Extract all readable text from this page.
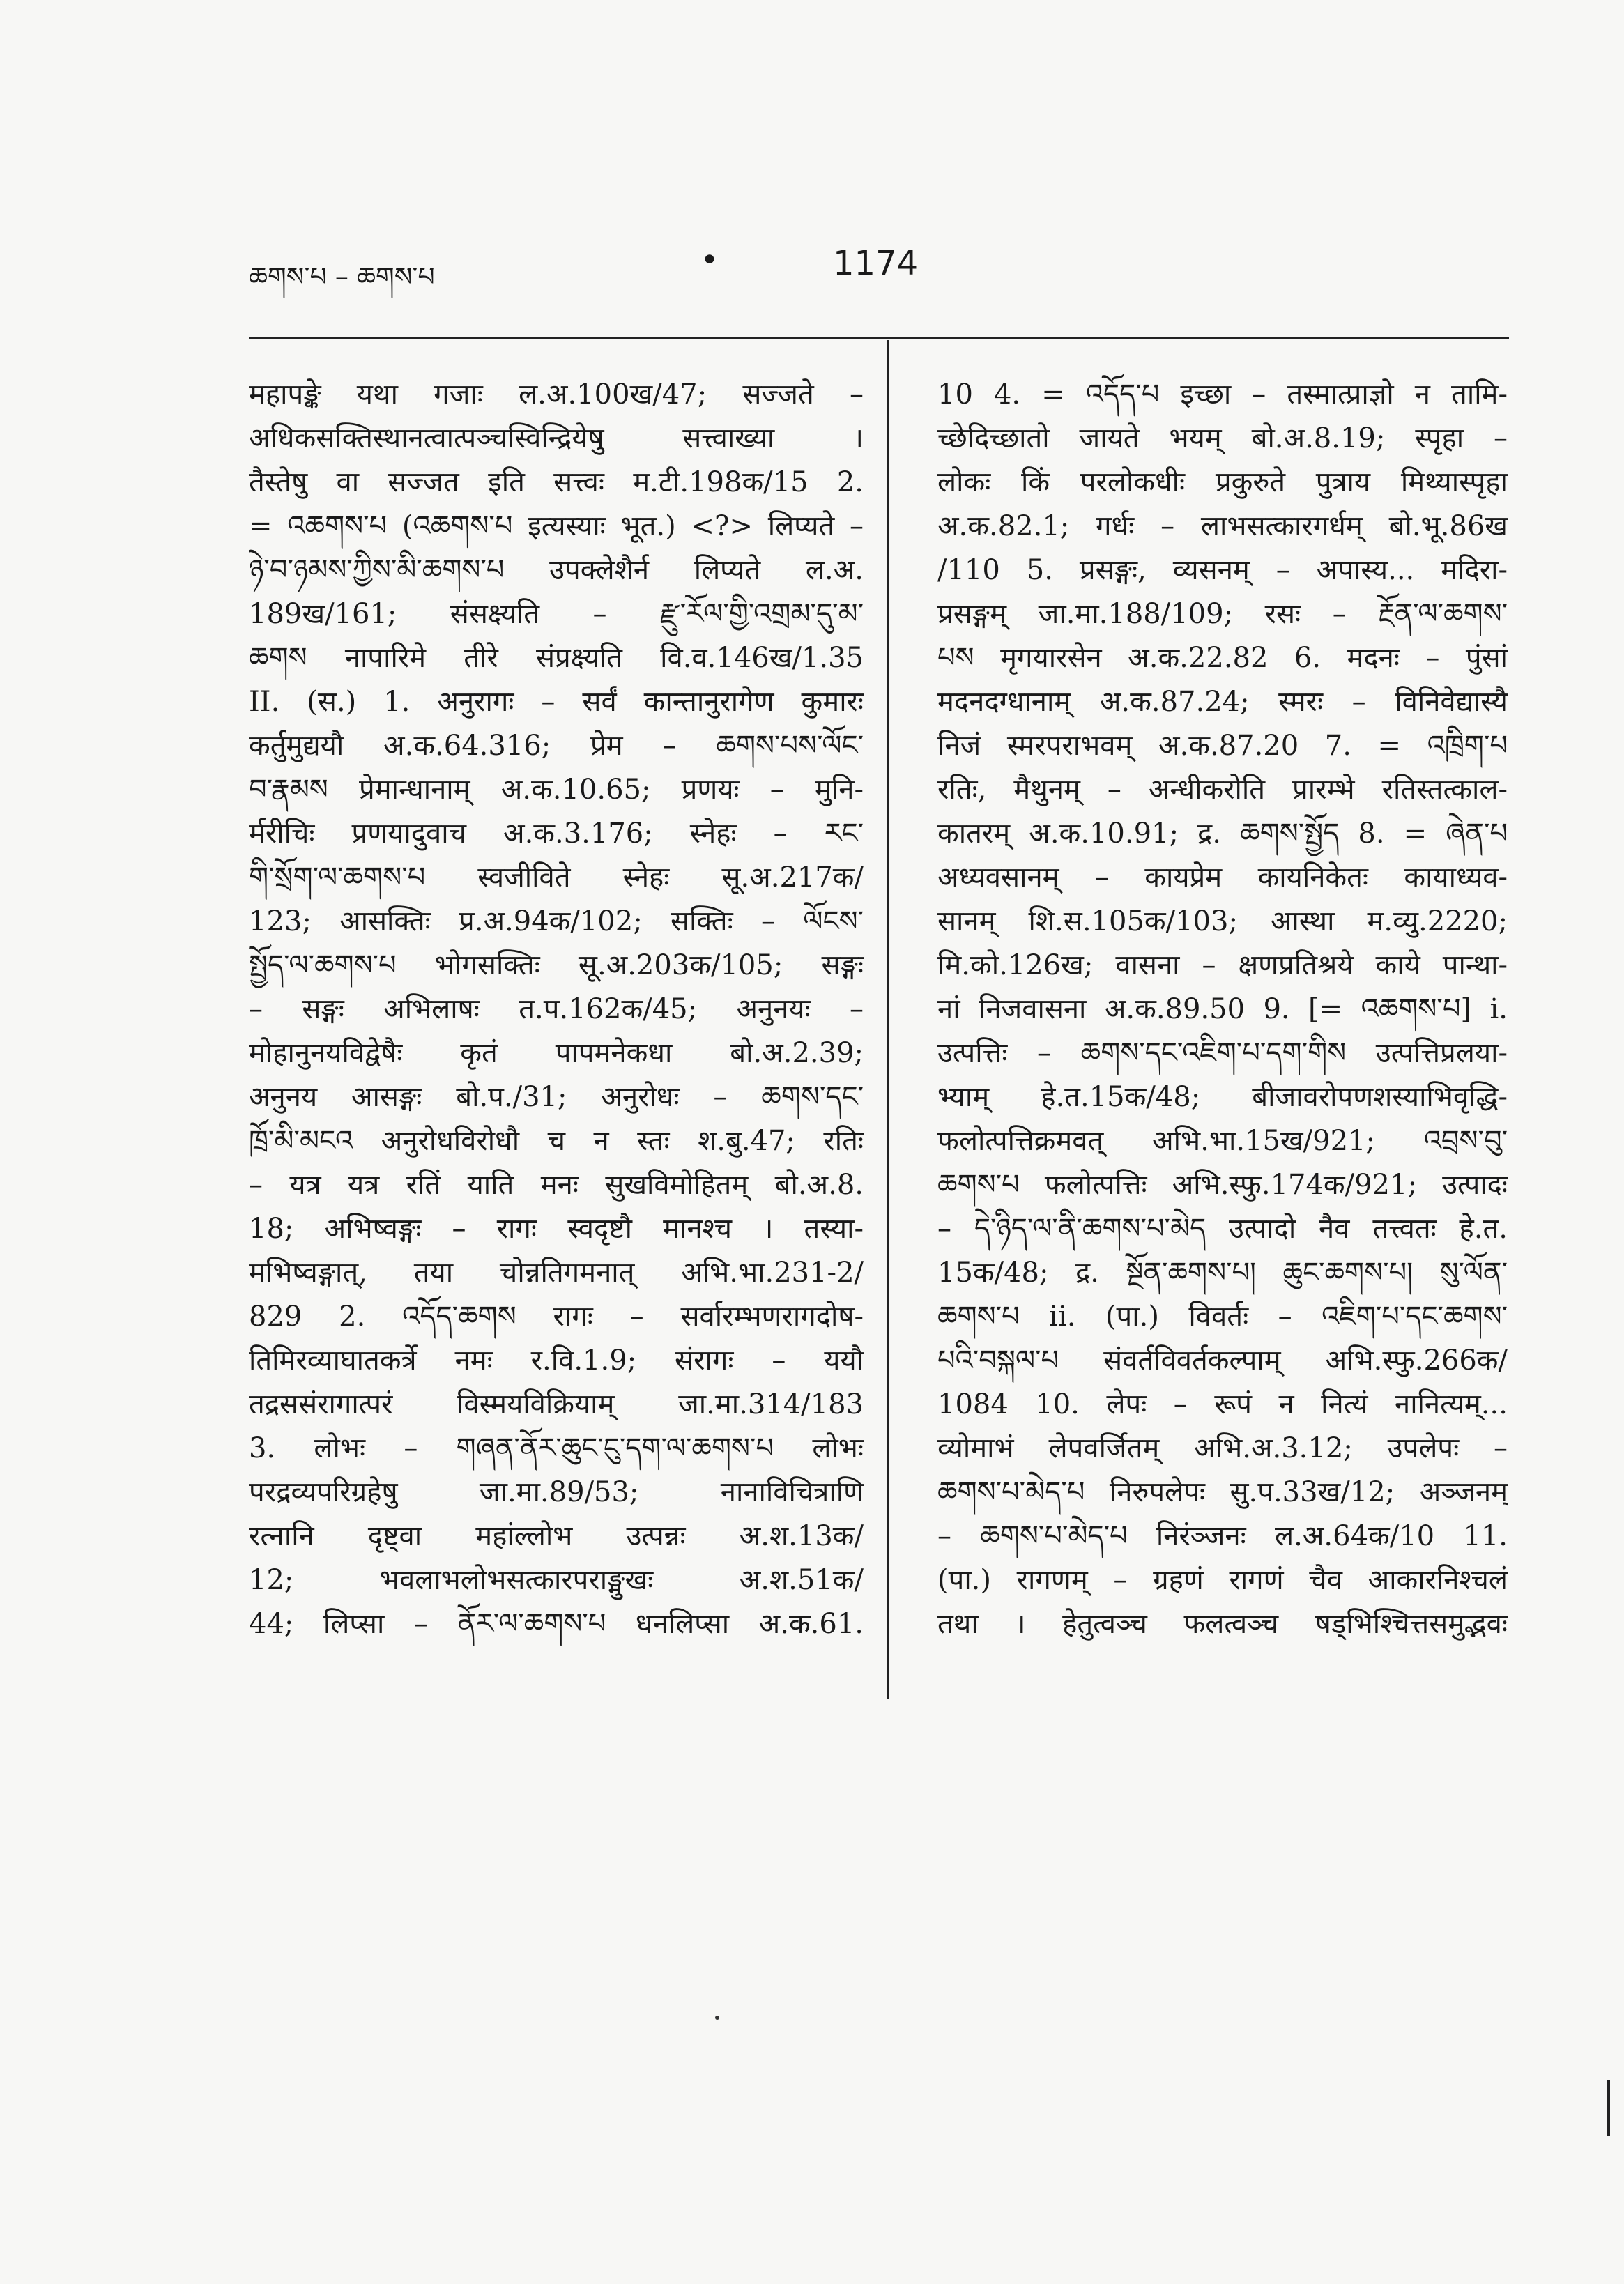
ཆགས་པ – ཆགས་པ	•	1174
महापङ्के यथा गजाः ल.अ.100ख/47; सज्जते –
अधिकसक्तिस्थानत्वात्पञ्चस्विन्द्रियेषु सत्त्वाख्या ।
तैस्तेषु वा सज्जत इति सत्त्वः म.टी.198क/15 2.
= འཆགས་པ (འཆགས་པ इत्यस्याः भूत.) <?> लिप्यते –
ཉེ་བ་ཉམས་ཀྱིས་མི་ཆགས་པ उपक्लेशैर्न लिप्यते ल.अ.
189ख/161; संसक्ष्यति – རྫུ་རོལ་གྱི་འགྲམ་དུ་མ་
ཆགས नापारिमे तीरे संप्रक्ष्यति वि.व.146ख/1.35
II. (स.) 1. अनुरागः – सर्वं कान्तानुरागेण कुमारः
कर्तुमुद्ययौ अ.क.64.316; प्रेम – ཆགས་པས་ལོང་
བ་རྣམས प्रेमान्धानाम् अ.क.10.65; प्रणयः – मुनि-
र्मरीचिः प्रणयादुवाच अ.क.3.176; स्नेहः – རང་
གི་སྲོག་ལ་ཆགས་པ स्वजीविते स्नेहः सू.अ.217क/
123; आसक्तिः प्र.अ.94क/102; सक्तिः – ལོངས་
སྤྱོད་ལ་ཆགས་པ भोगसक्तिः सू.अ.203क/105; सङ्गः
– सङ्गः अभिलाषः त.प.162क/45; अनुनयः –
मोहानुनयविद्वेषैः कृतं पापमनेकधा बो.अ.2.39;
अनुनय आसङ्गः बो.प./31; अनुरोधः – ཆགས་དང་
ཁྲོ་མི་མངའ अनुरोधविरोधौ च न स्तः श.बु.47; रतिः
– यत्र यत्र रतिं याति मनः सुखविमोहितम् बो.अ.8.
18; अभिष्वङ्गः – रागः स्वदृष्टौ मानश्च । तस्या-
मभिष्वङ्गात्, तया चोन्नतिगमनात् अभि.भा.231-2/
829 2. འདོད་ཆགས रागः – सर्वारम्भणरागदोष-
तिमिरव्याघातकर्त्रे नमः र.वि.1.9; संरागः – ययौ
तद्रससंरागात्परं विस्मयविक्रियाम् जा.मा.314/183
3. लोभः – གཞན་ནོར་ཆུང་ངུ་དག་ལ་ཆགས་པ लोभः
परद्रव्यपरिग्रहेषु जा.मा.89/53; नानाविचित्राणि
रत्नानि दृष्ट्वा महांल्लोभ उत्पन्नः अ.श.13क/
12; भवलाभलोभसत्कारपराङ्मुखः अ.श.51क/
44; लिप्सा – ནོར་ལ་ཆགས་པ धनलिप्सा अ.क.61.
10 4. = འདོད་པ इच्छा – तस्मात्प्राज्ञो न तामि-
च्छेदिच्छातो जायते भयम् बो.अ.8.19; स्पृहा –
लोकः किं परलोकधीः प्रकुरुते पुत्राय मिथ्यास्पृहा
अ.क.82.1; गर्धः – लाभसत्कारगर्धम् बो.भू.86ख
/110 5. प्रसङ्गः, व्यसनम् – अपास्य... मदिरा-
प्रसङ्गम् जा.मा.188/109; रसः – རྔོན་ལ་ཆགས་
པས मृगयारसेन अ.क.22.82 6. मदनः – पुंसां
मदनदग्धानाम् अ.क.87.24; स्मरः – विनिवेद्यास्यै
निजं स्मरपराभवम् अ.क.87.20 7. = འཁྲིག་པ
रतिः, मैथुनम् – अन्धीकरोति प्रारम्भे रतिस्तत्काल-
कातरम् अ.क.10.91; द्र. ཆགས་སྤྱོད 8. = ཞེན་པ
अध्यवसानम् – कायप्रेम कायनिकेतः कायाध्यव-
सानम् शि.स.105क/103; आस्था म.व्यु.2220;
मि.को.126ख; वासना – क्षणप्रतिश्रये काये पान्था-
नां निजवासना अ.क.89.50 9. [= འཆགས་པ] i.
उत्पत्तिः – ཆགས་དང་འཇིག་པ་དག་གིས उत्पत्तिप्रलया-
भ्याम् हे.त.15क/48; बीजावरोपणशस्याभिवृद्धि-
फलोत्पत्तिक्रमवत् अभि.भा.15ख/921; འབྲས་བུ་
ཆགས་པ फलोत्पत्तिः अभि.स्फु.174क/921; उत्पादः
– དེ་ཉིད་ལ་ནི་ཆགས་པ་མེད उत्पादो नैव तत्त्वतः हे.त.
15क/48; द्र. སྔོན་ཆགས་པ། ཆུང་ཆགས་པ། སུ་ལོན་
ཆགས་པ ii. (पा.) विवर्तः – འཇིག་པ་དང་ཆགས་
པའི་བསྐལ་པ संवर्तविवर्तकल्पाम् अभि.स्फु.266क/
1084 10. लेपः – रूपं न नित्यं नानित्यम्...
व्योमाभं लेपवर्जितम् अभि.अ.3.12; उपलेपः –
ཆགས་པ་མེད་པ निरुपलेपः सु.प.33ख/12; अञ्जनम्
– ཆགས་པ་མེད་པ निरंञ्जनः ल.अ.64क/10 11.
(पा.) रागणम् – ग्रहणं रागणं चैव आकारनिश्चलं
तथा । हेतुत्वञ्च फलत्वञ्च षड्भिश्चित्तसमुद्भवः
